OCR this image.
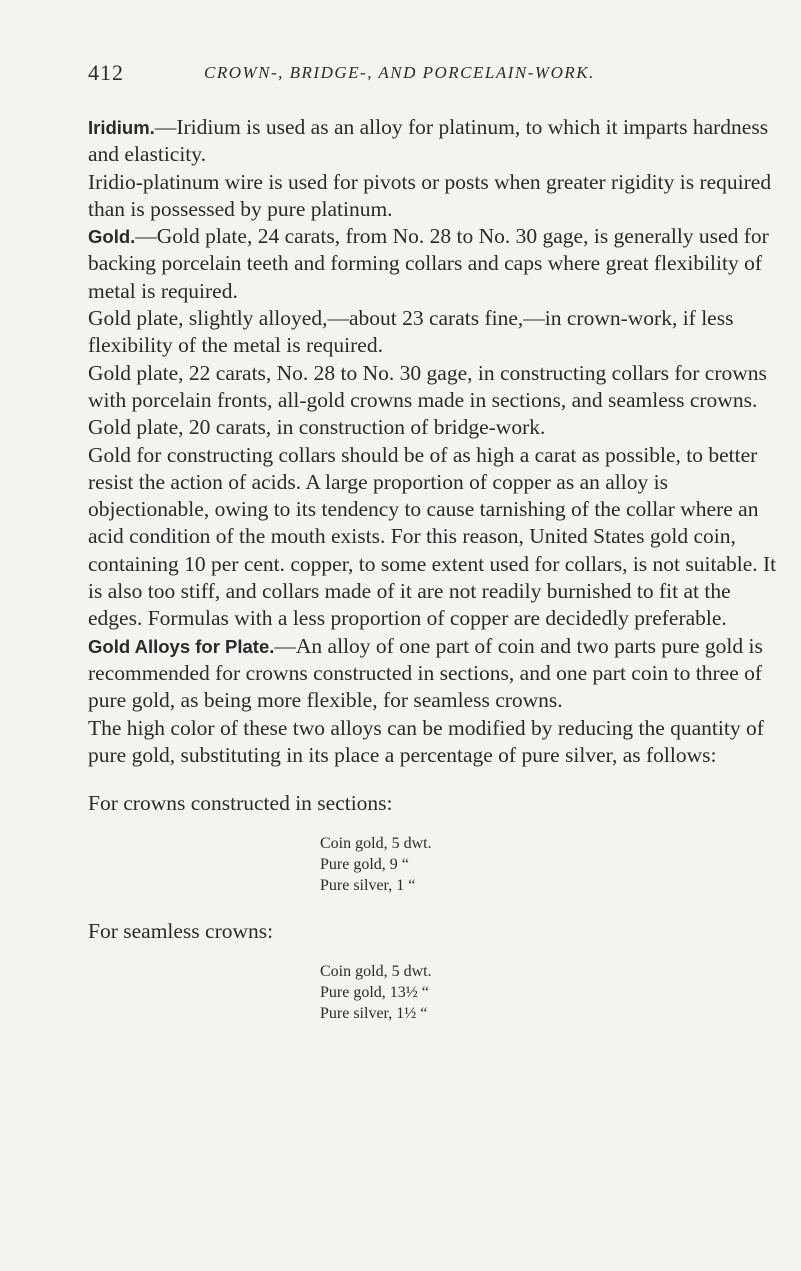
412	CROWN-, BRIDGE-, AND PORCELAIN-WORK.

Iridium.—Iridium is used as an alloy for platinum, to which it imparts hardness and elasticity.

Iridio-platinum wire is used for pivots or posts when greater rigidity is required than is possessed by pure platinum.

Gold.—Gold plate, 24 carats, from No. 28 to No. 30 gage, is generally used for backing porcelain teeth and forming collars and caps where great flexibility of metal is required.

Gold plate, slightly alloyed,—about 23 carats fine,—in crown-work, if less flexibility of the metal is required.

Gold plate, 22 carats, No. 28 to No. 30 gage, in constructing collars for crowns with porcelain fronts, all-gold crowns made in sections, and seamless crowns.

Gold plate, 20 carats, in construction of bridge-work.

Gold for constructing collars should be of as high a carat as possible, to better resist the action of acids. A large proportion of copper as an alloy is objectionable, owing to its tendency to cause tarnishing of the collar where an acid condition of the mouth exists. For this reason, United States gold coin, containing 10 per cent. copper, to some extent used for collars, is not suitable. It is also too stiff, and collars made of it are not readily burnished to fit at the edges. Formulas with a less proportion of copper are decidedly preferable.

Gold Alloys for Plate.—An alloy of one part of coin and two parts pure gold is recommended for crowns constructed in sections, and one part coin to three of pure gold, as being more flexible, for seamless crowns.

The high color of these two alloys can be modified by reducing the quantity of pure gold, substituting in its place a percentage of pure silver, as follows:

For crowns constructed in sections:
Coin gold, 5 dwt.
Pure gold, 9 “
Pure silver, 1 “
For seamless crowns:
Coin gold, 5 dwt.
Pure gold, 13½ “
Pure silver, 1½ “
